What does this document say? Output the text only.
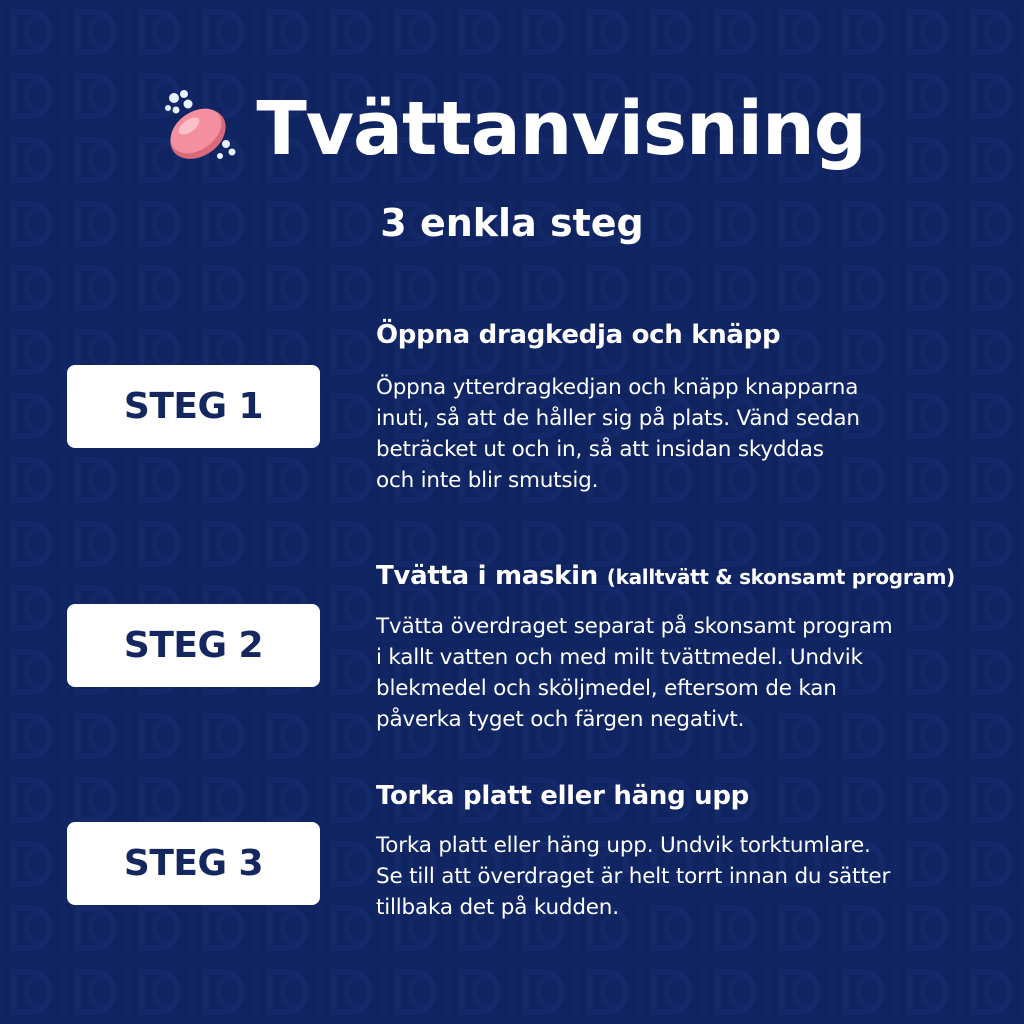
Tvättanvisning
3 enkla steg
STEG 1
Öppna dragkedja och knäpp
Öppna ytterdragkedjan och knäpp knapparna
inuti, så att de håller sig på plats. Vänd sedan
beträcket ut och in, så att insidan skyddas
och inte blir smutsig.
STEG 2
Tvätta i maskin (kalltvätt & skonsamt program)
Tvätta överdraget separat på skonsamt program
i kallt vatten och med milt tvättmedel. Undvik
blekmedel och sköljmedel, eftersom de kan
påverka tyget och färgen negativt.
STEG 3
Torka platt eller häng upp
Torka platt eller häng upp. Undvik torktumlare.
Se till att överdraget är helt torrt innan du sätter
tillbaka det på kudden.
